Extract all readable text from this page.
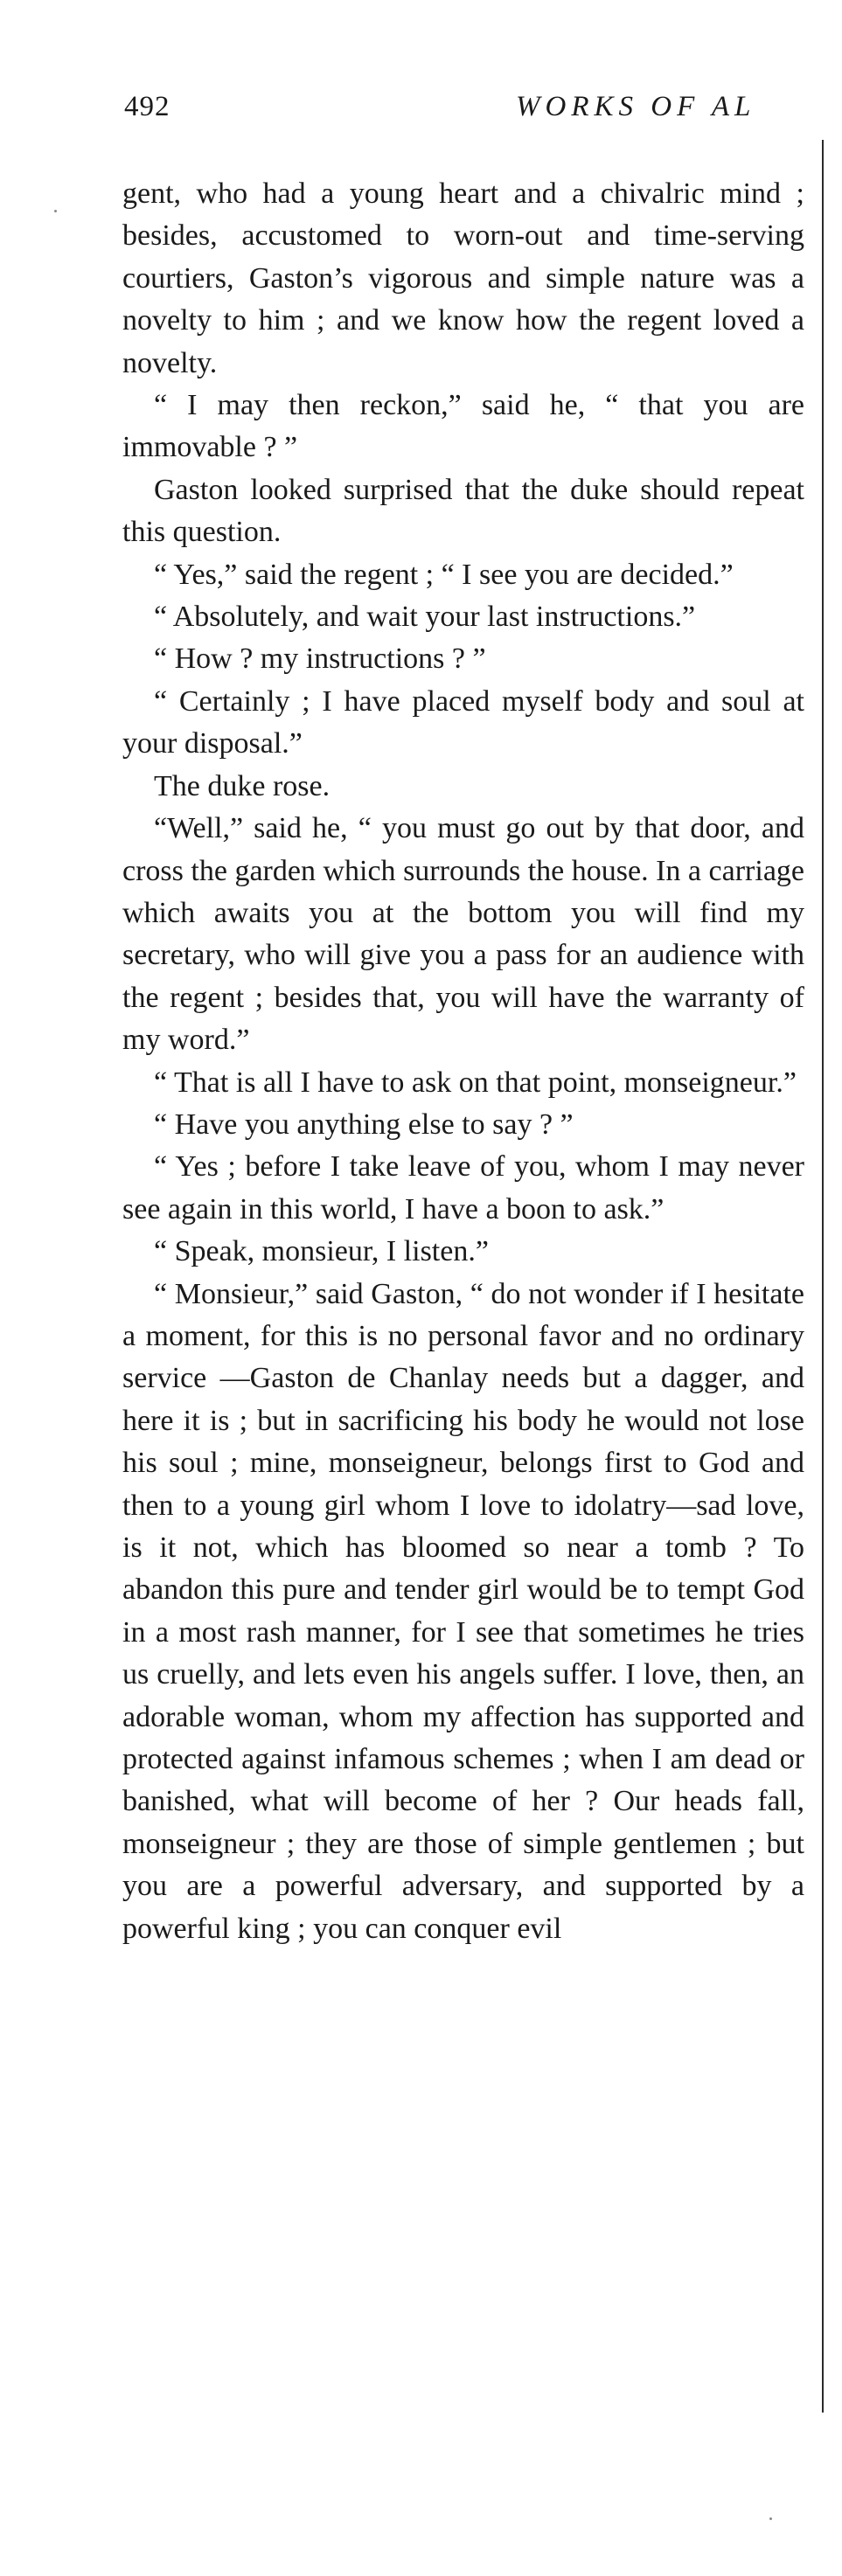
492	WORKS OF AL

gent, who had a young heart and a chivalric mind ; besides, accustomed to worn-out and time-serving courtiers, Gaston’s vigorous and simple nature was a novelty to him ; and we know how the regent loved a novelty.

“ I may then reckon,” said he, “ that you are immovable ? ”

Gaston looked surprised that the duke should repeat this question.

“ Yes,” said the regent ; “ I see you are decided.”

“ Absolutely, and wait your last instructions.”

“ How ? my instructions ? ”

“ Certainly ; I have placed myself body and soul at your disposal.”

The duke rose.

“Well,” said he, “ you must go out by that door, and cross the garden which surrounds the house. In a carriage which awaits you at the bottom you will find my secretary, who will give you a pass for an audience with the regent ; besides that, you will have the warranty of my word.”

“ That is all I have to ask on that point, monseigneur.”

“ Have you anything else to say ? ”

“ Yes ; before I take leave of you, whom I may never see again in this world, I have a boon to ask.”

“ Speak, monsieur, I listen.”

“ Monsieur,” said Gaston, “ do not wonder if I hesitate a moment, for this is no personal favor and no ordinary service —Gaston de Chanlay needs but a dagger, and here it is ; but in sacrificing his body he would not lose his soul ; mine, monseigneur, belongs first to God and then to a young girl whom I love to idolatry—sad love, is it not, which has bloomed so near a tomb ? To abandon this pure and tender girl would be to tempt God in a most rash manner, for I see that sometimes he tries us cruelly, and lets even his angels suffer. I love, then, an adorable woman, whom my affection has supported and protected against infamous schemes ; when I am dead or banished, what will become of her ? Our heads fall, monseigneur ; they are those of simple gentlemen ; but you are a powerful adversary, and supported by a powerful king ; you can conquer evil
